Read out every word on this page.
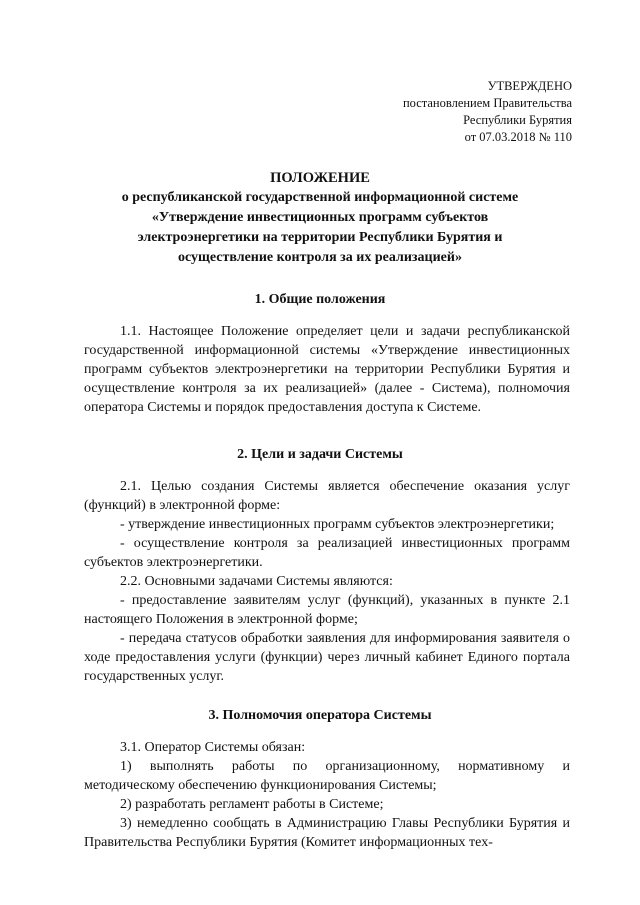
УТВЕРЖДЕНО
постановлением Правительства
Республики Бурятия
от 07.03.2018 № 110
ПОЛОЖЕНИЕ
о республиканской государственной информационной системе
«Утверждение инвестиционных программ субъектов
электроэнергетики на территории Республики Бурятия и
осуществление контроля за их реализацией»
1. Общие положения

1.1. Настоящее Положение определяет цели и задачи республиканской государственной информационной системы «Утверждение инвестиционных программ субъектов электроэнергетики на территории Республики Бурятия и осуществление контроля за их реализацией» (далее - Система), полномочия оператора Системы и порядок предоставления доступа к Системе.

2. Цели и задачи Системы

2.1. Целью создания Системы является обеспечение оказания услуг (функций) в электронной форме:

- утверждение инвестиционных программ субъектов электроэнергетики;

- осуществление контроля за реализацией инвестиционных программ субъектов электроэнергетики.

2.2. Основными задачами Системы являются:

- предоставление заявителям услуг (функций), указанных в пункте 2.1 настоящего Положения в электронной форме;

- передача статусов обработки заявления для информирования заявителя о ходе предоставления услуги (функции) через личный кабинет Единого портала государственных услуг.

3. Полномочия оператора Системы

3.1. Оператор Системы обязан:

1) выполнять работы по организационному, нормативному и методическому обеспечению функционирования Системы;

2) разработать регламент работы в Системе;

3) немедленно сообщать в Администрацию Главы Республики Бурятия и Правительства Республики Бурятия (Комитет информационных тех-
